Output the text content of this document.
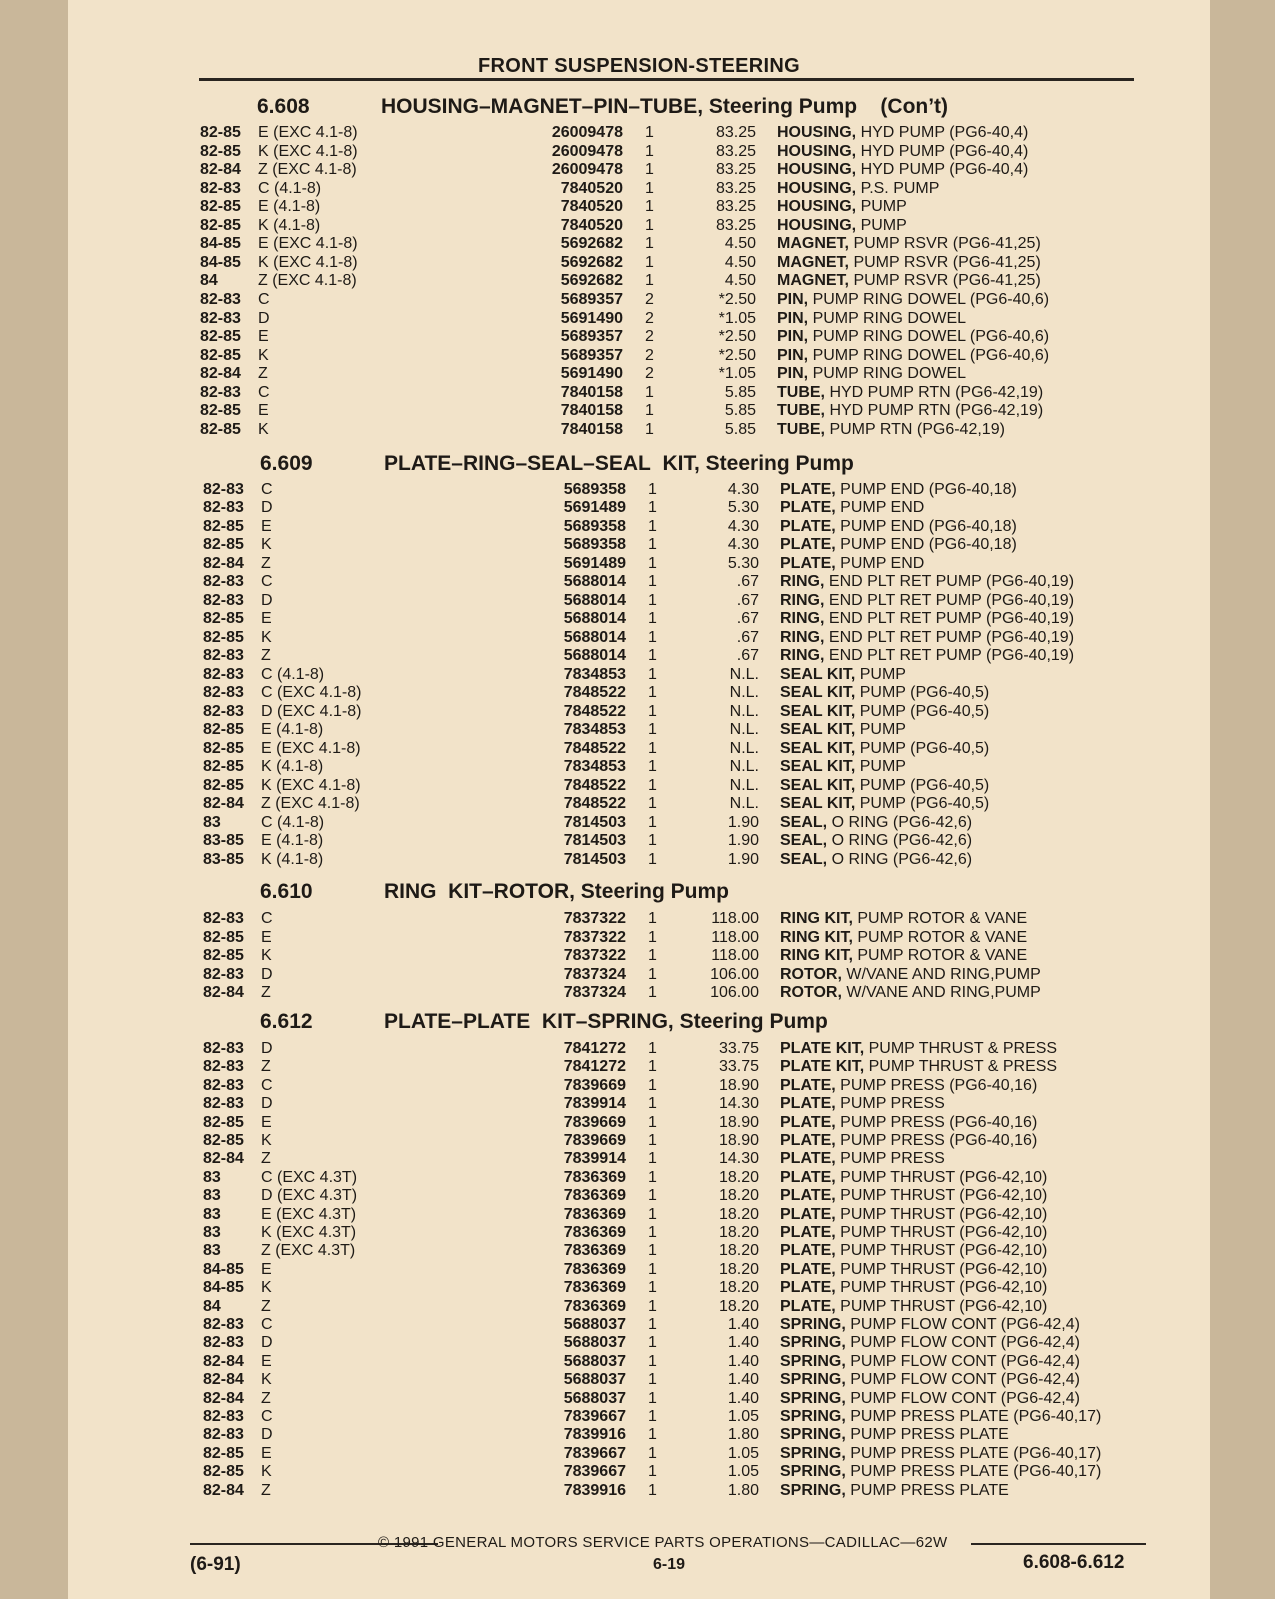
FRONT SUSPENSION-STEERING
© 1991 GENERAL MOTORS SERVICE PARTS OPERATIONS—CADILLAC—62W
(6-91)	6-19	6.608-6.612
6.608	HOUSING–MAGNET–PIN–TUBE, Steering Pump    (Con’t)
82-85 E (EXC 4.1-8)	26009478 1	83.25 HOUSING, HYD PUMP (PG6-40,4)
82-85 K (EXC 4.1-8)	26009478 1	83.25 HOUSING, HYD PUMP (PG6-40,4)
82-84 Z (EXC 4.1-8)	26009478 1	83.25 HOUSING, HYD PUMP (PG6-40,4)
82-83 C (4.1-8)	7840520 1	83.25 HOUSING, P.S. PUMP
82-85 E (4.1-8)	7840520 1	83.25 HOUSING, PUMP
82-85 K (4.1-8)	7840520 1	83.25 HOUSING, PUMP
84-85 E (EXC 4.1-8)	5692682 1	4.50 MAGNET, PUMP RSVR (PG6-41,25)
84-85 K (EXC 4.1-8)	5692682 1	4.50 MAGNET, PUMP RSVR (PG6-41,25)
84	Z (EXC 4.1-8)	5692682 1	4.50 MAGNET, PUMP RSVR (PG6-41,25)
82-83 C	5689357 2	*2.50 PIN, PUMP RING DOWEL (PG6-40,6)
82-83 D	5691490 2	*1.05 PIN, PUMP RING DOWEL
82-85 E	5689357 2	*2.50 PIN, PUMP RING DOWEL (PG6-40,6)
82-85 K	5689357 2	*2.50 PIN, PUMP RING DOWEL (PG6-40,6)
82-84 Z	5691490 2	*1.05 PIN, PUMP RING DOWEL
82-83 C	7840158 1	5.85 TUBE, HYD PUMP RTN (PG6-42,19)
82-85 E	7840158 1	5.85 TUBE, HYD PUMP RTN (PG6-42,19)
82-85 K	7840158 1	5.85 TUBE, PUMP RTN (PG6-42,19)
6.609	PLATE–RING–SEAL–SEAL  KIT, Steering Pump
82-83 C	5689358 1	4.30 PLATE, PUMP END (PG6-40,18)
82-83 D	5691489 1	5.30 PLATE, PUMP END
82-85 E	5689358 1	4.30 PLATE, PUMP END (PG6-40,18)
82-85 K	5689358 1	4.30 PLATE, PUMP END (PG6-40,18)
82-84 Z	5691489 1	5.30 PLATE, PUMP END
82-83 C	5688014 1	.67 RING, END PLT RET PUMP (PG6-40,19)
82-83 D	5688014 1	.67 RING, END PLT RET PUMP (PG6-40,19)
82-85 E	5688014 1	.67 RING, END PLT RET PUMP (PG6-40,19)
82-85 K	5688014 1	.67 RING, END PLT RET PUMP (PG6-40,19)
82-83 Z	5688014 1	.67 RING, END PLT RET PUMP (PG6-40,19)
82-83 C (4.1-8)	7834853 1	N.L. SEAL KIT, PUMP
82-83 C (EXC 4.1-8)	7848522 1	N.L. SEAL KIT, PUMP (PG6-40,5)
82-83 D (EXC 4.1-8)	7848522 1	N.L. SEAL KIT, PUMP (PG6-40,5)
82-85 E (4.1-8)	7834853 1	N.L. SEAL KIT, PUMP
82-85 E (EXC 4.1-8)	7848522 1	N.L. SEAL KIT, PUMP (PG6-40,5)
82-85 K (4.1-8)	7834853 1	N.L. SEAL KIT, PUMP
82-85 K (EXC 4.1-8)	7848522 1	N.L. SEAL KIT, PUMP (PG6-40,5)
82-84 Z (EXC 4.1-8)	7848522 1	N.L. SEAL KIT, PUMP (PG6-40,5)
83	C (4.1-8)	7814503 1	1.90 SEAL, O RING (PG6-42,6)
83-85 E (4.1-8)	7814503 1	1.90 SEAL, O RING (PG6-42,6)
83-85 K (4.1-8)	7814503 1	1.90 SEAL, O RING (PG6-42,6)
6.610	RING  KIT–ROTOR, Steering Pump
82-83 C	7837322 1	118.00 RING KIT, PUMP ROTOR & VANE
82-85 E	7837322 1	118.00 RING KIT, PUMP ROTOR & VANE
82-85 K	7837322 1	118.00 RING KIT, PUMP ROTOR & VANE
82-83 D	7837324 1	106.00 ROTOR, W/VANE AND RING,PUMP
82-84 Z	7837324 1	106.00 ROTOR, W/VANE AND RING,PUMP
6.612	PLATE–PLATE  KIT–SPRING, Steering Pump
82-83 D	7841272 1	33.75 PLATE KIT, PUMP THRUST & PRESS
82-83 Z	7841272 1	33.75 PLATE KIT, PUMP THRUST & PRESS
82-83 C	7839669 1	18.90 PLATE, PUMP PRESS (PG6-40,16)
82-83 D	7839914 1	14.30 PLATE, PUMP PRESS
82-85 E	7839669 1	18.90 PLATE, PUMP PRESS (PG6-40,16)
82-85 K	7839669 1	18.90 PLATE, PUMP PRESS (PG6-40,16)
82-84 Z	7839914 1	14.30 PLATE, PUMP PRESS
83	C (EXC 4.3T)	7836369 1	18.20 PLATE, PUMP THRUST (PG6-42,10)
83	D (EXC 4.3T)	7836369 1	18.20 PLATE, PUMP THRUST (PG6-42,10)
83	E (EXC 4.3T)	7836369 1	18.20 PLATE, PUMP THRUST (PG6-42,10)
83	K (EXC 4.3T)	7836369 1	18.20 PLATE, PUMP THRUST (PG6-42,10)
83	Z (EXC 4.3T)	7836369 1	18.20 PLATE, PUMP THRUST (PG6-42,10)
84-85 E	7836369 1	18.20 PLATE, PUMP THRUST (PG6-42,10)
84-85 K	7836369 1	18.20 PLATE, PUMP THRUST (PG6-42,10)
84	Z	7836369 1	18.20 PLATE, PUMP THRUST (PG6-42,10)
82-83 C	5688037 1	1.40 SPRING, PUMP FLOW CONT (PG6-42,4)
82-83 D	5688037 1	1.40 SPRING, PUMP FLOW CONT (PG6-42,4)
82-84 E	5688037 1	1.40 SPRING, PUMP FLOW CONT (PG6-42,4)
82-84 K	5688037 1	1.40 SPRING, PUMP FLOW CONT (PG6-42,4)
82-84 Z	5688037 1	1.40 SPRING, PUMP FLOW CONT (PG6-42,4)
82-83 C	7839667 1	1.05 SPRING, PUMP PRESS PLATE (PG6-40,17)
82-83 D	7839916 1	1.80 SPRING, PUMP PRESS PLATE
82-85 E	7839667 1	1.05 SPRING, PUMP PRESS PLATE (PG6-40,17)
82-85 K	7839667 1	1.05 SPRING, PUMP PRESS PLATE (PG6-40,17)
82-84 Z	7839916 1	1.80 SPRING, PUMP PRESS PLATE
